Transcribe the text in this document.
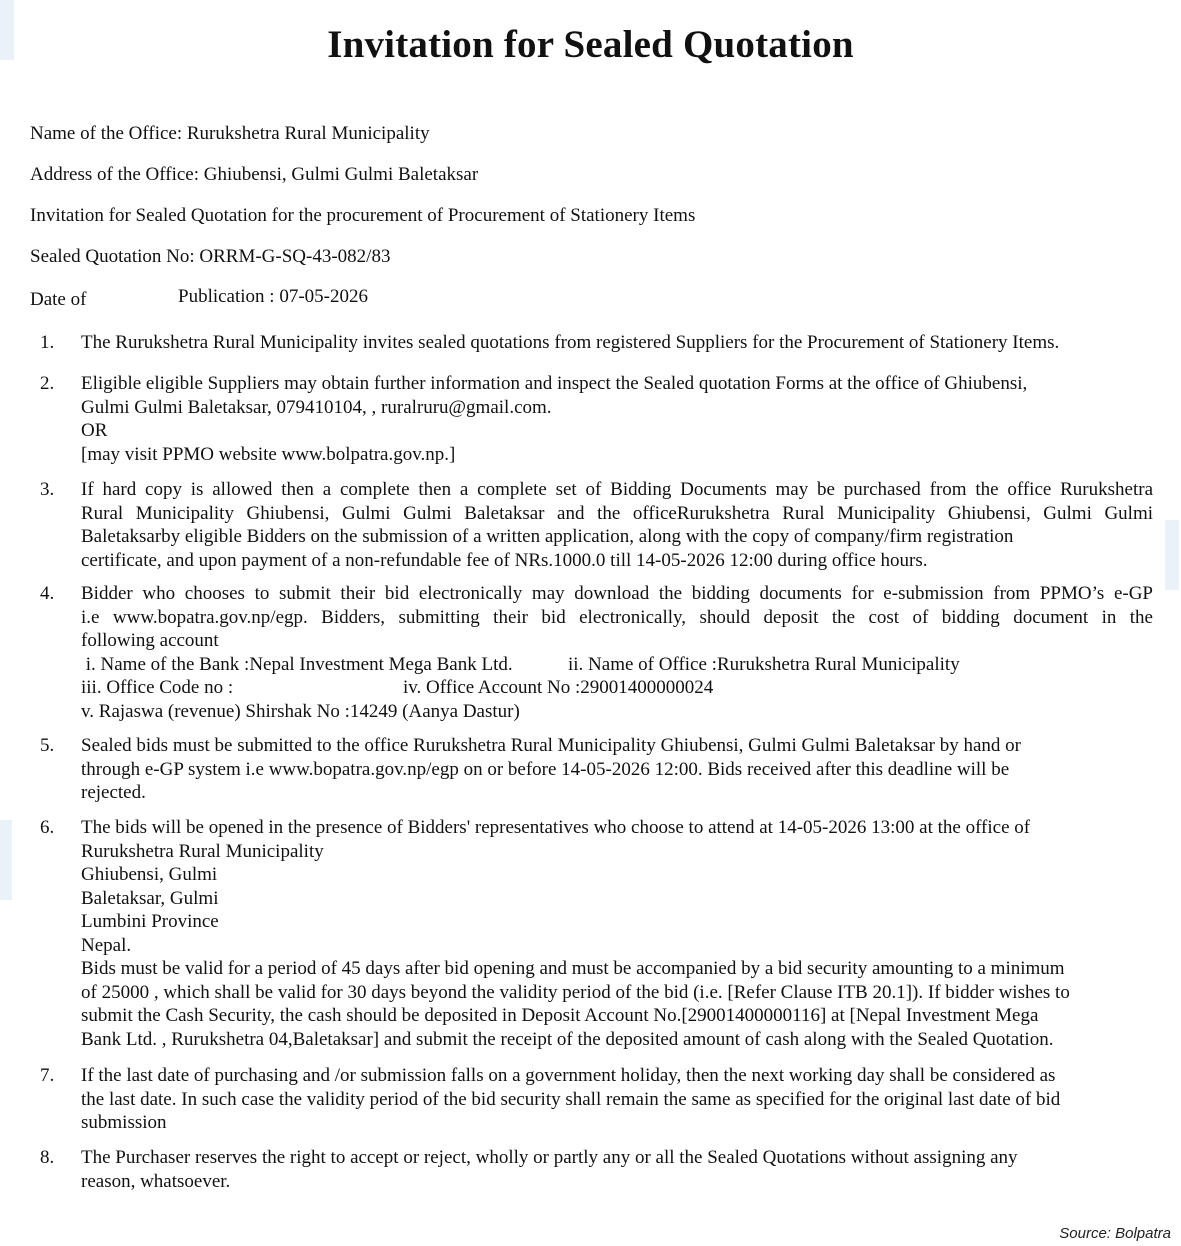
Invitation for Sealed Quotation
Name of the Office: Rurukshetra Rural Municipality
Address of the Office: Ghiubensi, Gulmi Gulmi Baletaksar
Invitation for Sealed Quotation for the procurement of Procurement of Stationery Items
Sealed Quotation No: ORRM-G-SQ-43-082/83
Date of	Publication : 07-05-2026
1. The Rurukshetra Rural Municipality invites sealed quotations from registered Suppliers for the Procurement of Stationery Items.

2. Eligible eligible Suppliers may obtain further information and inspect the Sealed quotation Forms at the office of Ghiubensi,

Gulmi Gulmi Baletaksar, 079410104, , ruralruru@gmail.com.

OR

[may visit PPMO website www.bolpatra.gov.np.]

3. If hard copy is allowed then a complete then a complete set of Bidding Documents may be purchased from the office Rurukshetra

Rural Municipality Ghiubensi, Gulmi Gulmi Baletaksar and the officeRurukshetra Rural Municipality Ghiubensi, Gulmi Gulmi

Baletaksarby eligible Bidders on the submission of a written application, along with the copy of company/firm registration

certificate, and upon payment of a non-refundable fee of NRs.1000.0 till 14-05-2026 12:00 during office hours.

4. Bidder who chooses to submit their bid electronically may download the bidding documents for e-submission from PPMO’s e-GP

i.e www.bopatra.gov.np/egp. Bidders, submitting their bid electronically, should deposit the cost of bidding document in the

following account

i. Name of the Bank :Nepal Investment Mega Bank Ltd.	ii. Name of Office :Rurukshetra Rural Municipality

iii. Office Code no :	iv. Office Account No :29001400000024

v. Rajaswa (revenue) Shirshak No :14249 (Aanya Dastur)

5. Sealed bids must be submitted to the office Rurukshetra Rural Municipality Ghiubensi, Gulmi Gulmi Baletaksar by hand or

through e-GP system i.e www.bopatra.gov.np/egp on or before 14-05-2026 12:00. Bids received after this deadline will be

rejected.

6. The bids will be opened in the presence of Bidders' representatives who choose to attend at 14-05-2026 13:00 at the office of

Rurukshetra Rural Municipality

Ghiubensi, Gulmi

Baletaksar, Gulmi

Lumbini Province

Nepal.

Bids must be valid for a period of 45 days after bid opening and must be accompanied by a bid security amounting to a minimum

of 25000 , which shall be valid for 30 days beyond the validity period of the bid (i.e. [Refer Clause ITB 20.1]). If bidder wishes to

submit the Cash Security, the cash should be deposited in Deposit Account No.[29001400000116] at [Nepal Investment Mega

Bank Ltd. , Rurukshetra 04,Baletaksar] and submit the receipt of the deposited amount of cash along with the Sealed Quotation.

7. If the last date of purchasing and /or submission falls on a government holiday, then the next working day shall be considered as

the last date. In such case the validity period of the bid security shall remain the same as specified for the original last date of bid

submission

8. The Purchaser reserves the right to accept or reject, wholly or partly any or all the Sealed Quotations without assigning any

reason, whatsoever.

Source: Bolpatra
